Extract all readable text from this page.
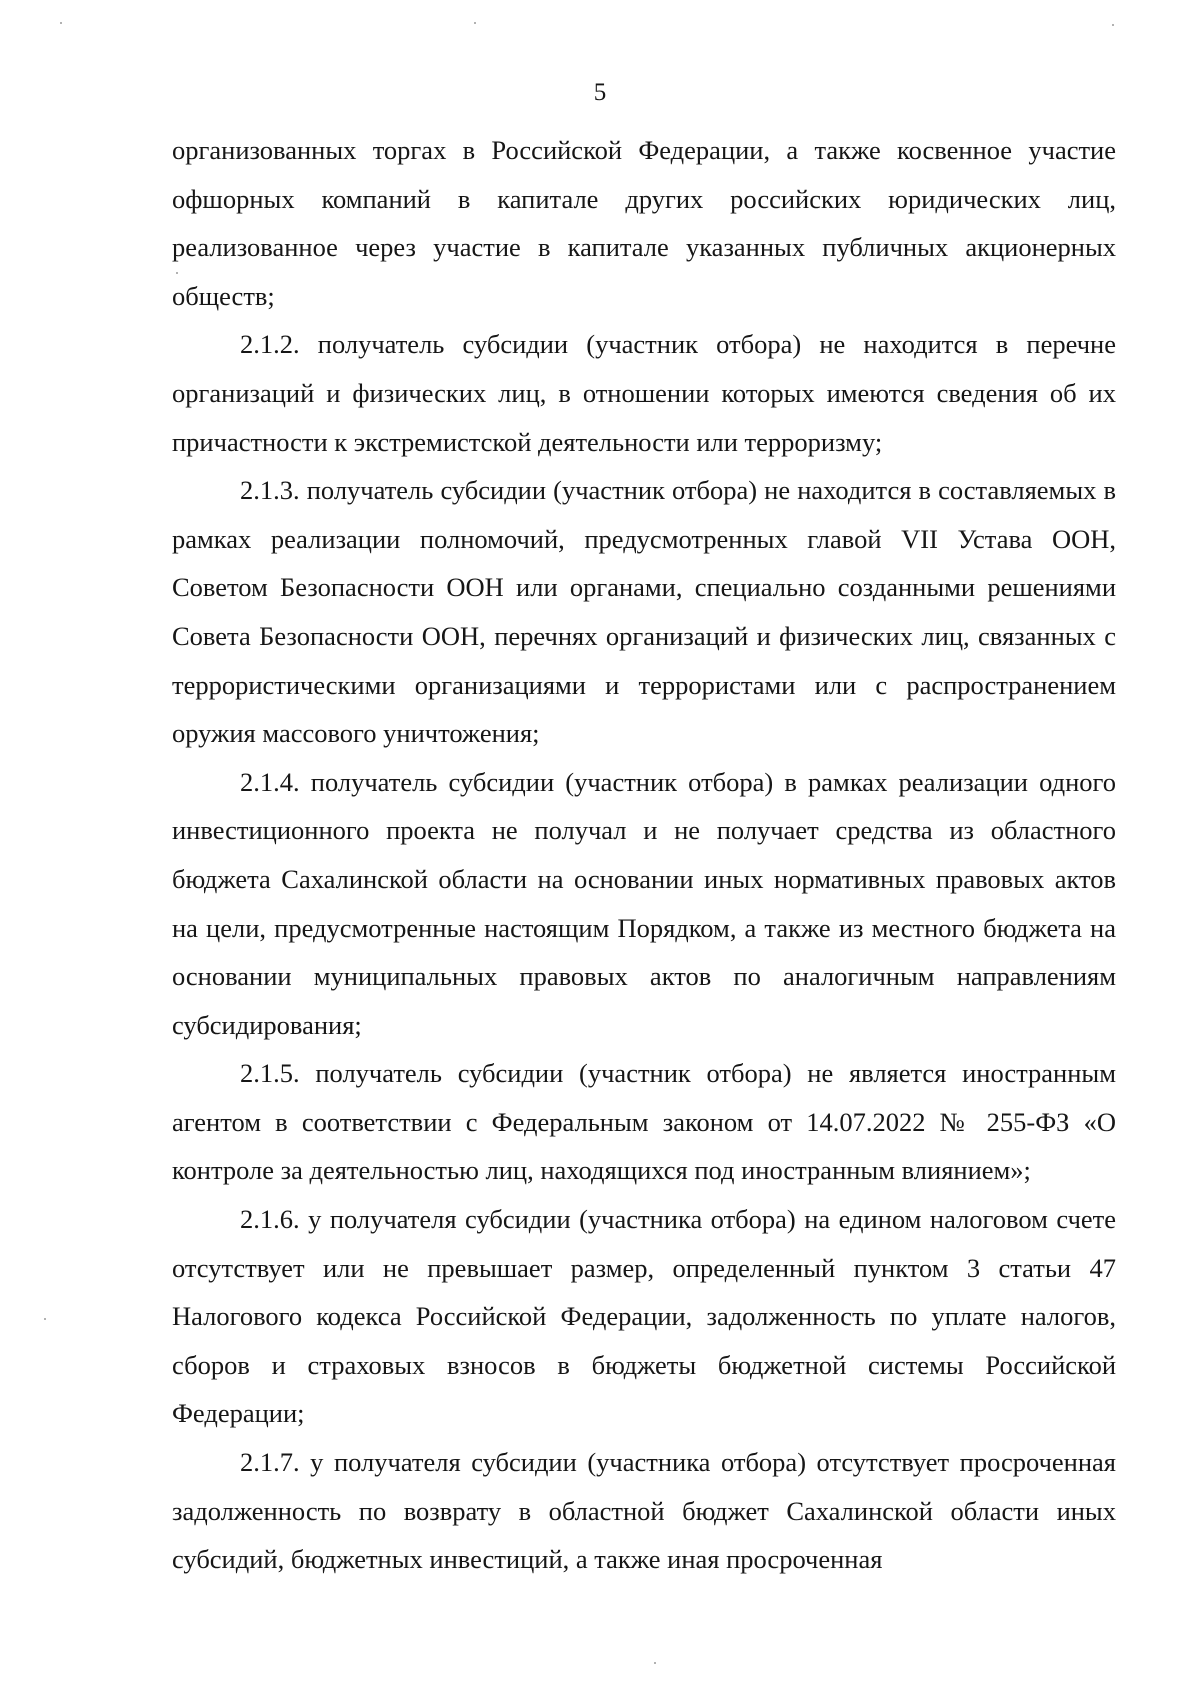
5

организованных торгах в Российской Федерации, а также косвенное участие офшорных компаний в капитале других российских юридических лиц, реализованное через участие в капитале указанных публичных акционерных обществ;

2.1.2. получатель субсидии (участник отбора) не находится в перечне организаций и физических лиц, в отношении которых имеются сведения об их причастности к экстремистской деятельности или терроризму;

2.1.3. получатель субсидии (участник отбора) не находится в составляемых в рамках реализации полномочий, предусмотренных главой VII Устава ООН, Советом Безопасности ООН или органами, специально созданными решениями Совета Безопасности ООН, перечнях организаций и физических лиц, связанных с террористическими организациями и террористами или с распространением оружия массового уничтожения;

2.1.4. получатель субсидии (участник отбора) в рамках реализации одного инвестиционного проекта не получал и не получает средства из областного бюджета Сахалинской области на основании иных нормативных правовых актов на цели, предусмотренные настоящим Порядком, а также из местного бюджета на основании муниципальных правовых актов по аналогичным направлениям субсидирования;

2.1.5. получатель субсидии (участник отбора) не является иностранным агентом в соответствии с Федеральным законом от 14.07.2022 № 255-ФЗ «О контроле за деятельностью лиц, находящихся под иностранным влиянием»;

2.1.6. у получателя субсидии (участника отбора) на едином налоговом счете отсутствует или не превышает размер, определенный пунктом 3 статьи 47 Налогового кодекса Российской Федерации, задолженность по уплате налогов, сборов и страховых взносов в бюджеты бюджетной системы Российской Федерации;

2.1.7. у получателя субсидии (участника отбора) отсутствует просроченная задолженность по возврату в областной бюджет Сахалинской области иных субсидий, бюджетных инвестиций, а также иная просроченная
